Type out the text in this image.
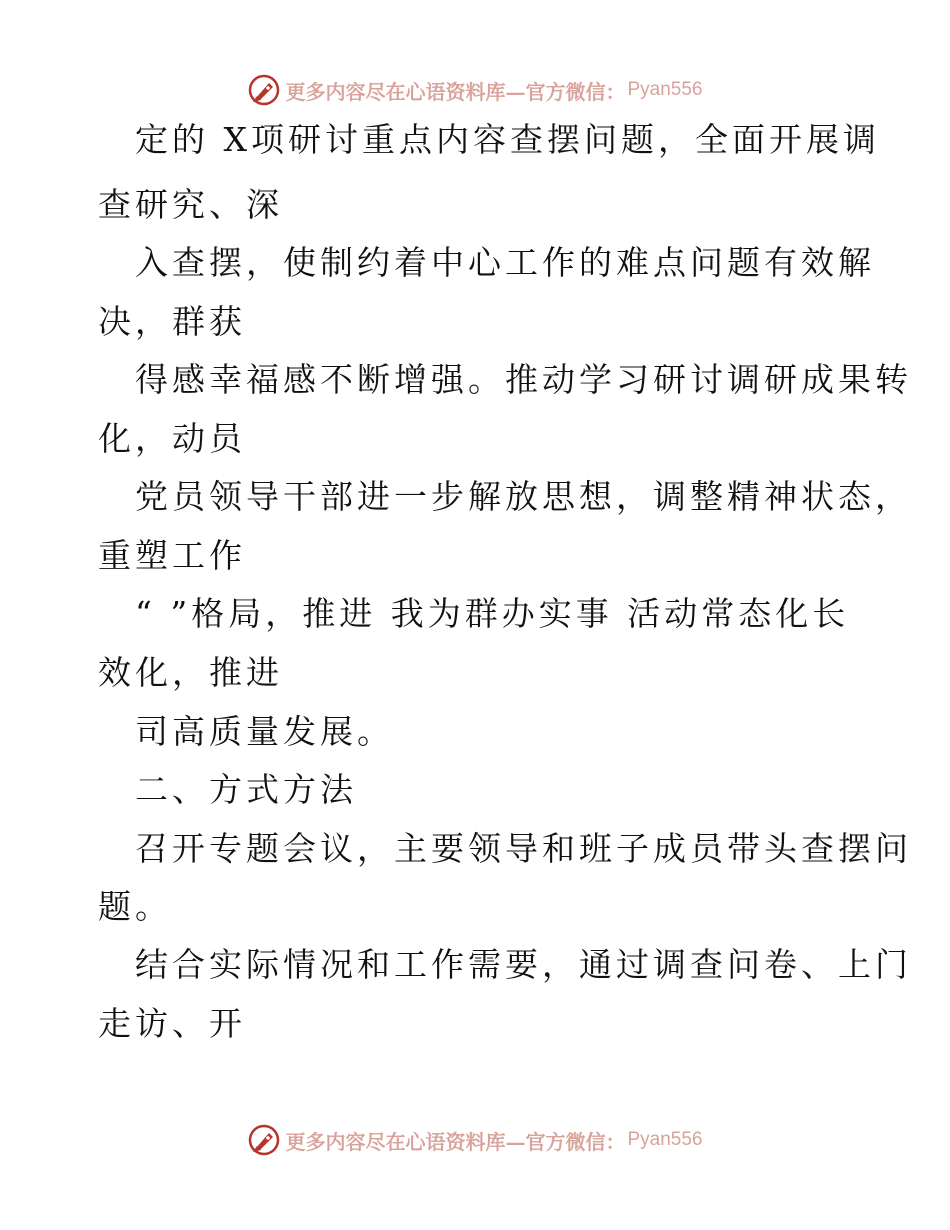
更多内容尽在心语资料库—官方微信： Pyan556
定的 X项研讨重点内容查摆问题，全面开展调
查研究、深
入查摆，使制约着中心工作的难点问题有效解
决，群获
得感幸福感不断增强。推动学习研讨调研成果转
化，动员
党员领导干部进一步解放思想，调整精神状态，
重塑工作
“ ”格局，推进 我为群办实事 活动常态化长
效化，推进
司高质量发展。
二、方式方法
召开专题会议，主要领导和班子成员带头查摆问
题。
结合实际情况和工作需要，通过调查问卷、上门
走访、开
更多内容尽在心语资料库—官方微信： Pyan556
